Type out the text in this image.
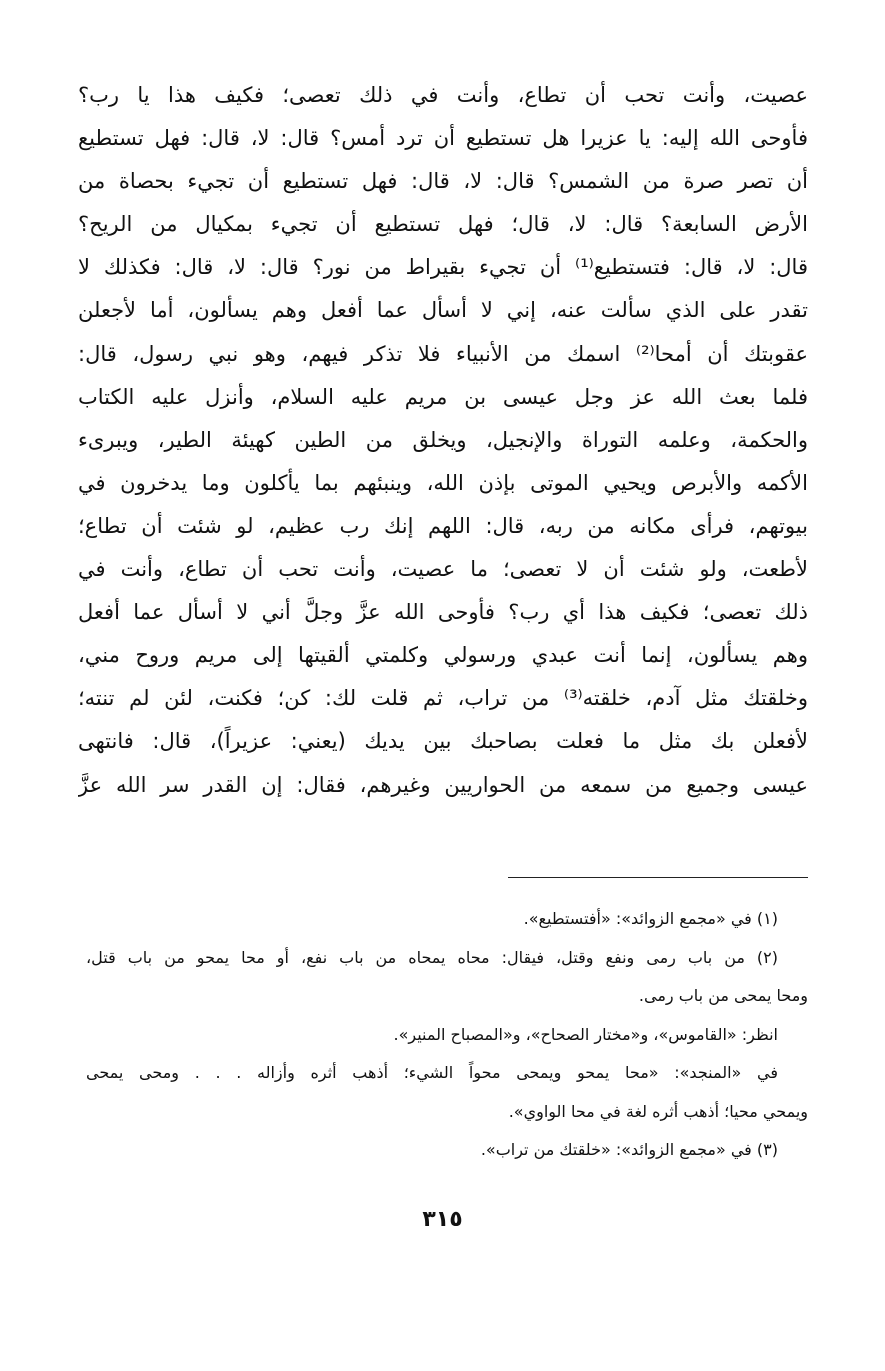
عصيت، وأنت تحب أن تطاع، وأنت في ذلك تعصى؛ فكيف هذا يا رب؟
فأوحى الله إليه: يا عزيرا هل تستطيع أن ترد أمس؟ قال: لا، قال: فهل تستطيع
أن تصر صرة من الشمس؟ قال: لا، قال: فهل تستطيع أن تجيء بحصاة من
الأرض السابعة؟ قال: لا، قال؛ فهل تستطيع أن تجيء بمكيال من الريح؟
قال: لا، قال: فتستطيع⁽¹⁾ أن تجيء بقيراط من نور؟ قال: لا، قال: فكذلك لا
تقدر على الذي سألت عنه، إني لا أسأل عما أفعل وهم يسألون، أما لأجعلن
عقوبتك أن أمحا⁽²⁾ اسمك من الأنبياء فلا تذكر فيهم، وهو نبي رسول، قال:
فلما بعث الله عز وجل عيسى بن مريم عليه السلام، وأنزل عليه الكتاب
والحكمة، وعلمه التوراة والإنجيل، ويخلق من الطين كهيئة الطير، ويبرىء
الأكمه والأبرص ويحيي الموتى بإذن الله، وينبئهم بما يأكلون وما يدخرون في
بيوتهم، فرأى مكانه من ربه، قال: اللهم إنك رب عظيم، لو شئت أن تطاع؛
لأطعت، ولو شئت أن لا تعصى؛ ما عصيت، وأنت تحب أن تطاع، وأنت في
ذلك تعصى؛ فكيف هذا أي رب؟ فأوحى الله عزَّ وجلَّ أني لا أسأل عما أفعل
وهم يسألون، إنما أنت عبدي ورسولي وكلمتي ألقيتها إلى مريم وروح مني،
وخلقتك مثل آدم، خلقته⁽³⁾ من تراب، ثم قلت لك: كن؛ فكنت، لئن لم تنته؛
لأفعلن بك مثل ما فعلت بصاحبك بين يديك (يعني: عزيراً)، قال: فانتهى
عيسى وجميع من سمعه من الحواريين وغيرهم، فقال: إن القدر سر الله عزَّ
(١) في «مجمع الزوائد»: «أفتستطيع».
(٢) من باب رمى ونفع وقتل، فيقال: محاه يمحاه من باب نفع، أو محا يمحو من باب قتل،
ومحا يمحى من باب رمى.
انظر: «القاموس»، و«مختار الصحاح»، و«المصباح المنير».
في «المنجد»: «محا يمحو ويمحى محواً الشيء؛ أذهب أثره وأزاله . . . ومحى يمحى
ويمحي محيا؛ أذهب أثره لغة في محا الواوي».
(٣) في «مجمع الزوائد»: «خلقتك من تراب».
٣١٥
